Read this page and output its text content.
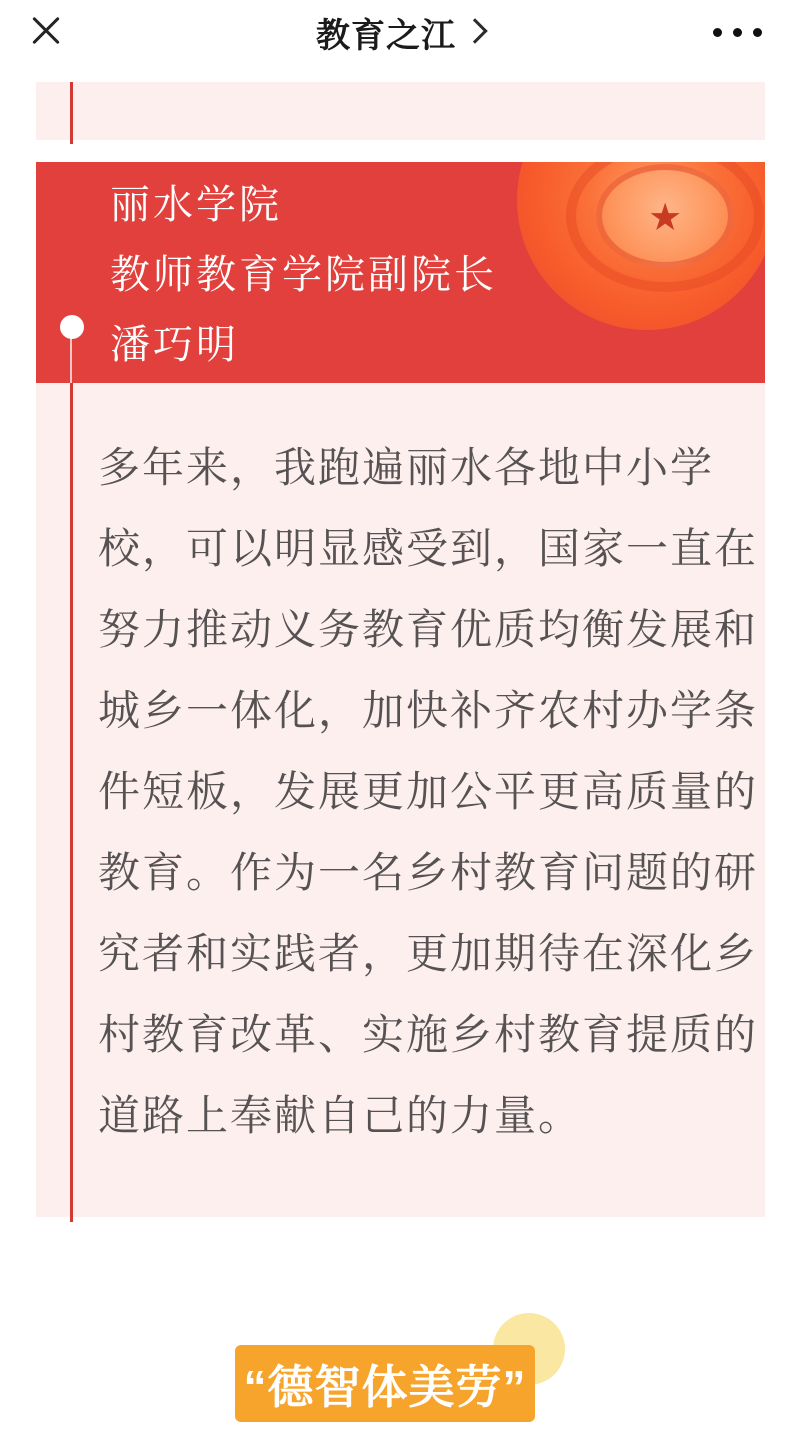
教育之江
★
丽水学院
教师教育学院副院长
潘巧明
多年来，我跑遍丽水各地中小学
校，可以明显感受到，国家一直在
努力推动义务教育优质均衡发展和
城乡一体化，加快补齐农村办学条
件短板，发展更加公平更高质量的
教育。作为一名乡村教育问题的研
究者和实践者，更加期待在深化乡
村教育改革、实施乡村教育提质的
道路上奉献自己的力量。
“德智体美劳”
